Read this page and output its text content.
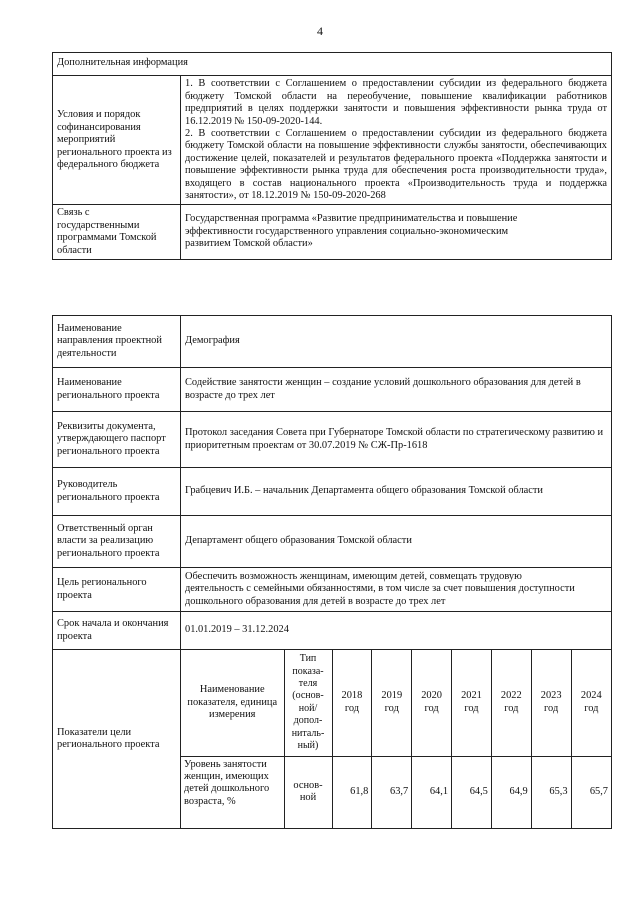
4
Дополнительная информация	
Условия и порядок софинансирования мероприятий регионального проекта из федерального бюджета	1. В соответствии с Соглашением о предоставлении субсидии из федерального бюджета бюджету Томской области на переобучение, повышение квалификации работников предприятий в целях поддержки занятости и повышения эффективности рынка труда от 16.12.2019 № 150-09-2020-144.
2. В соответствии с Соглашением о предоставлении субсидии из федерального бюджета бюджету Томской области на повышение эффективности службы занятости, обеспечивающих достижение целей, показателей и результатов федерального проекта «Поддержка занятости и повышение эффективности рынка труда для обеспечения роста производительности труда», входящего в состав национального проекта «Производительность труда и поддержка занятости», от 18.12.2019 № 150-09-2020-268

Связь с государственными программами Томской области	Государственная программа «Развитие предпринимательства и повышение эффективности государственного управления социально-экономическим развитием Томской области»
Наименование направления проектной деятельности	Демография
Наименование регионального проекта	Содействие занятости женщин – создание условий дошкольного образования для детей в возрасте до трех лет
Реквизиты документа, утверждающего паспорт регионального проекта	Протокол заседания Совета при Губернаторе Томской области по стратегическому развитию и приоритетным проектам от 30.07.2019 № СЖ-Пр-1618
Руководитель регионального проекта	Грабцевич И.Б. – начальник Департамента общего образования Томской области
Ответственный орган власти за реализацию регионального проекта	Департамент общего образования Томской области
Цель регионального проекта	Обеспечить возможность женщинам, имеющим детей, совмещать трудовую деятельность с семейными обязанностями, в том числе за счет повышения доступности дошкольного образования для детей в возрасте до трех лет
Срок начала и окончания проекта	01.01.2019 – 31.12.2024
Показатели цели регионального проекта	
Наименование показателя, единица измерения	Тип показа-теля (основ-ной/ допол-ниталь-ный)	2018 год	2019 год	2020 год	2021 год	2022 год	2023 год	2024 год
Уровень занятости женщин, имеющих детей дошкольного возраста, %	основ-ной	61,8	63,7	64,1	64,5	64,9	65,3	65,7
